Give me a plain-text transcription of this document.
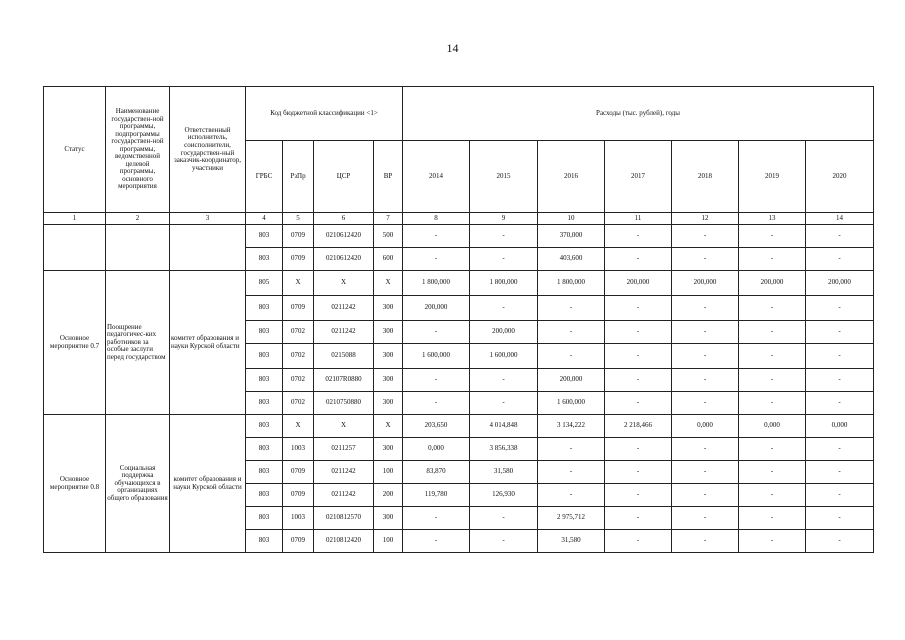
14
Статус	Наименование государствен-ной программы, подпрограммы государствен-ной программы, ведомственной целевой программы, основного мероприятия	Ответственный исполнитель, соисполнители, государствен-ный заказчик-координатор, участники	Код бюджетной классификации <1>				Расходы (тыс. рублей), годы						
			ГРБС	РзПр	ЦСР	ВР	2014	2015	2016	2017	2018	2019	2020
1	2	3	4	5	6	7	8	9	10	11	12	13	14
			803	0709	0210612420	500	-	-	370,000	-	-	-	-
			803	0709	0210612420	600	-	-	403,600	-	-	-	-
Основное мероприятие 0.7	Поощрение педагогичес-ких работников за особые заслуги перед государством	комитет образования и науки Курской области	805	X	X	X	1 800,000	1 800,000	1 800,000	200,000	200,000	200,000	200,000
			803	0709	0211242	300	200,000	-	-	-	-	-	-
			803	0702	0211242	300	-	200,000	-	-	-	-	-
			803	0702	0215088	300	1 600,000	1 600,000	-	-	-	-	-
			803	0702	02107R0880	300	-	-	200,000	-	-	-	-
			803	0702	0210750880	300	-	-	1 600,000	-	-	-	-
Основное мероприятие 0.8	Социальная поддержка обучающихся в организациях общего образования	комитет образования и науки Курской области	803	X	X	X	203,650	4 014,848	3 134,222	2 218,466	0,000	0,000	0,000
			803	1003	0211257	300	0,000	3 856,338	-	-	-	-	-
			803	0709	0211242	100	83,870	31,580	-	-	-	-	-
			803	0709	0211242	200	119,780	126,930	-	-	-	-	-
			803	1003	0210812570	300	-	-	2 975,712	-	-	-	-
			803	0709	0210812420	100	-	-	31,580	-	-	-	-
